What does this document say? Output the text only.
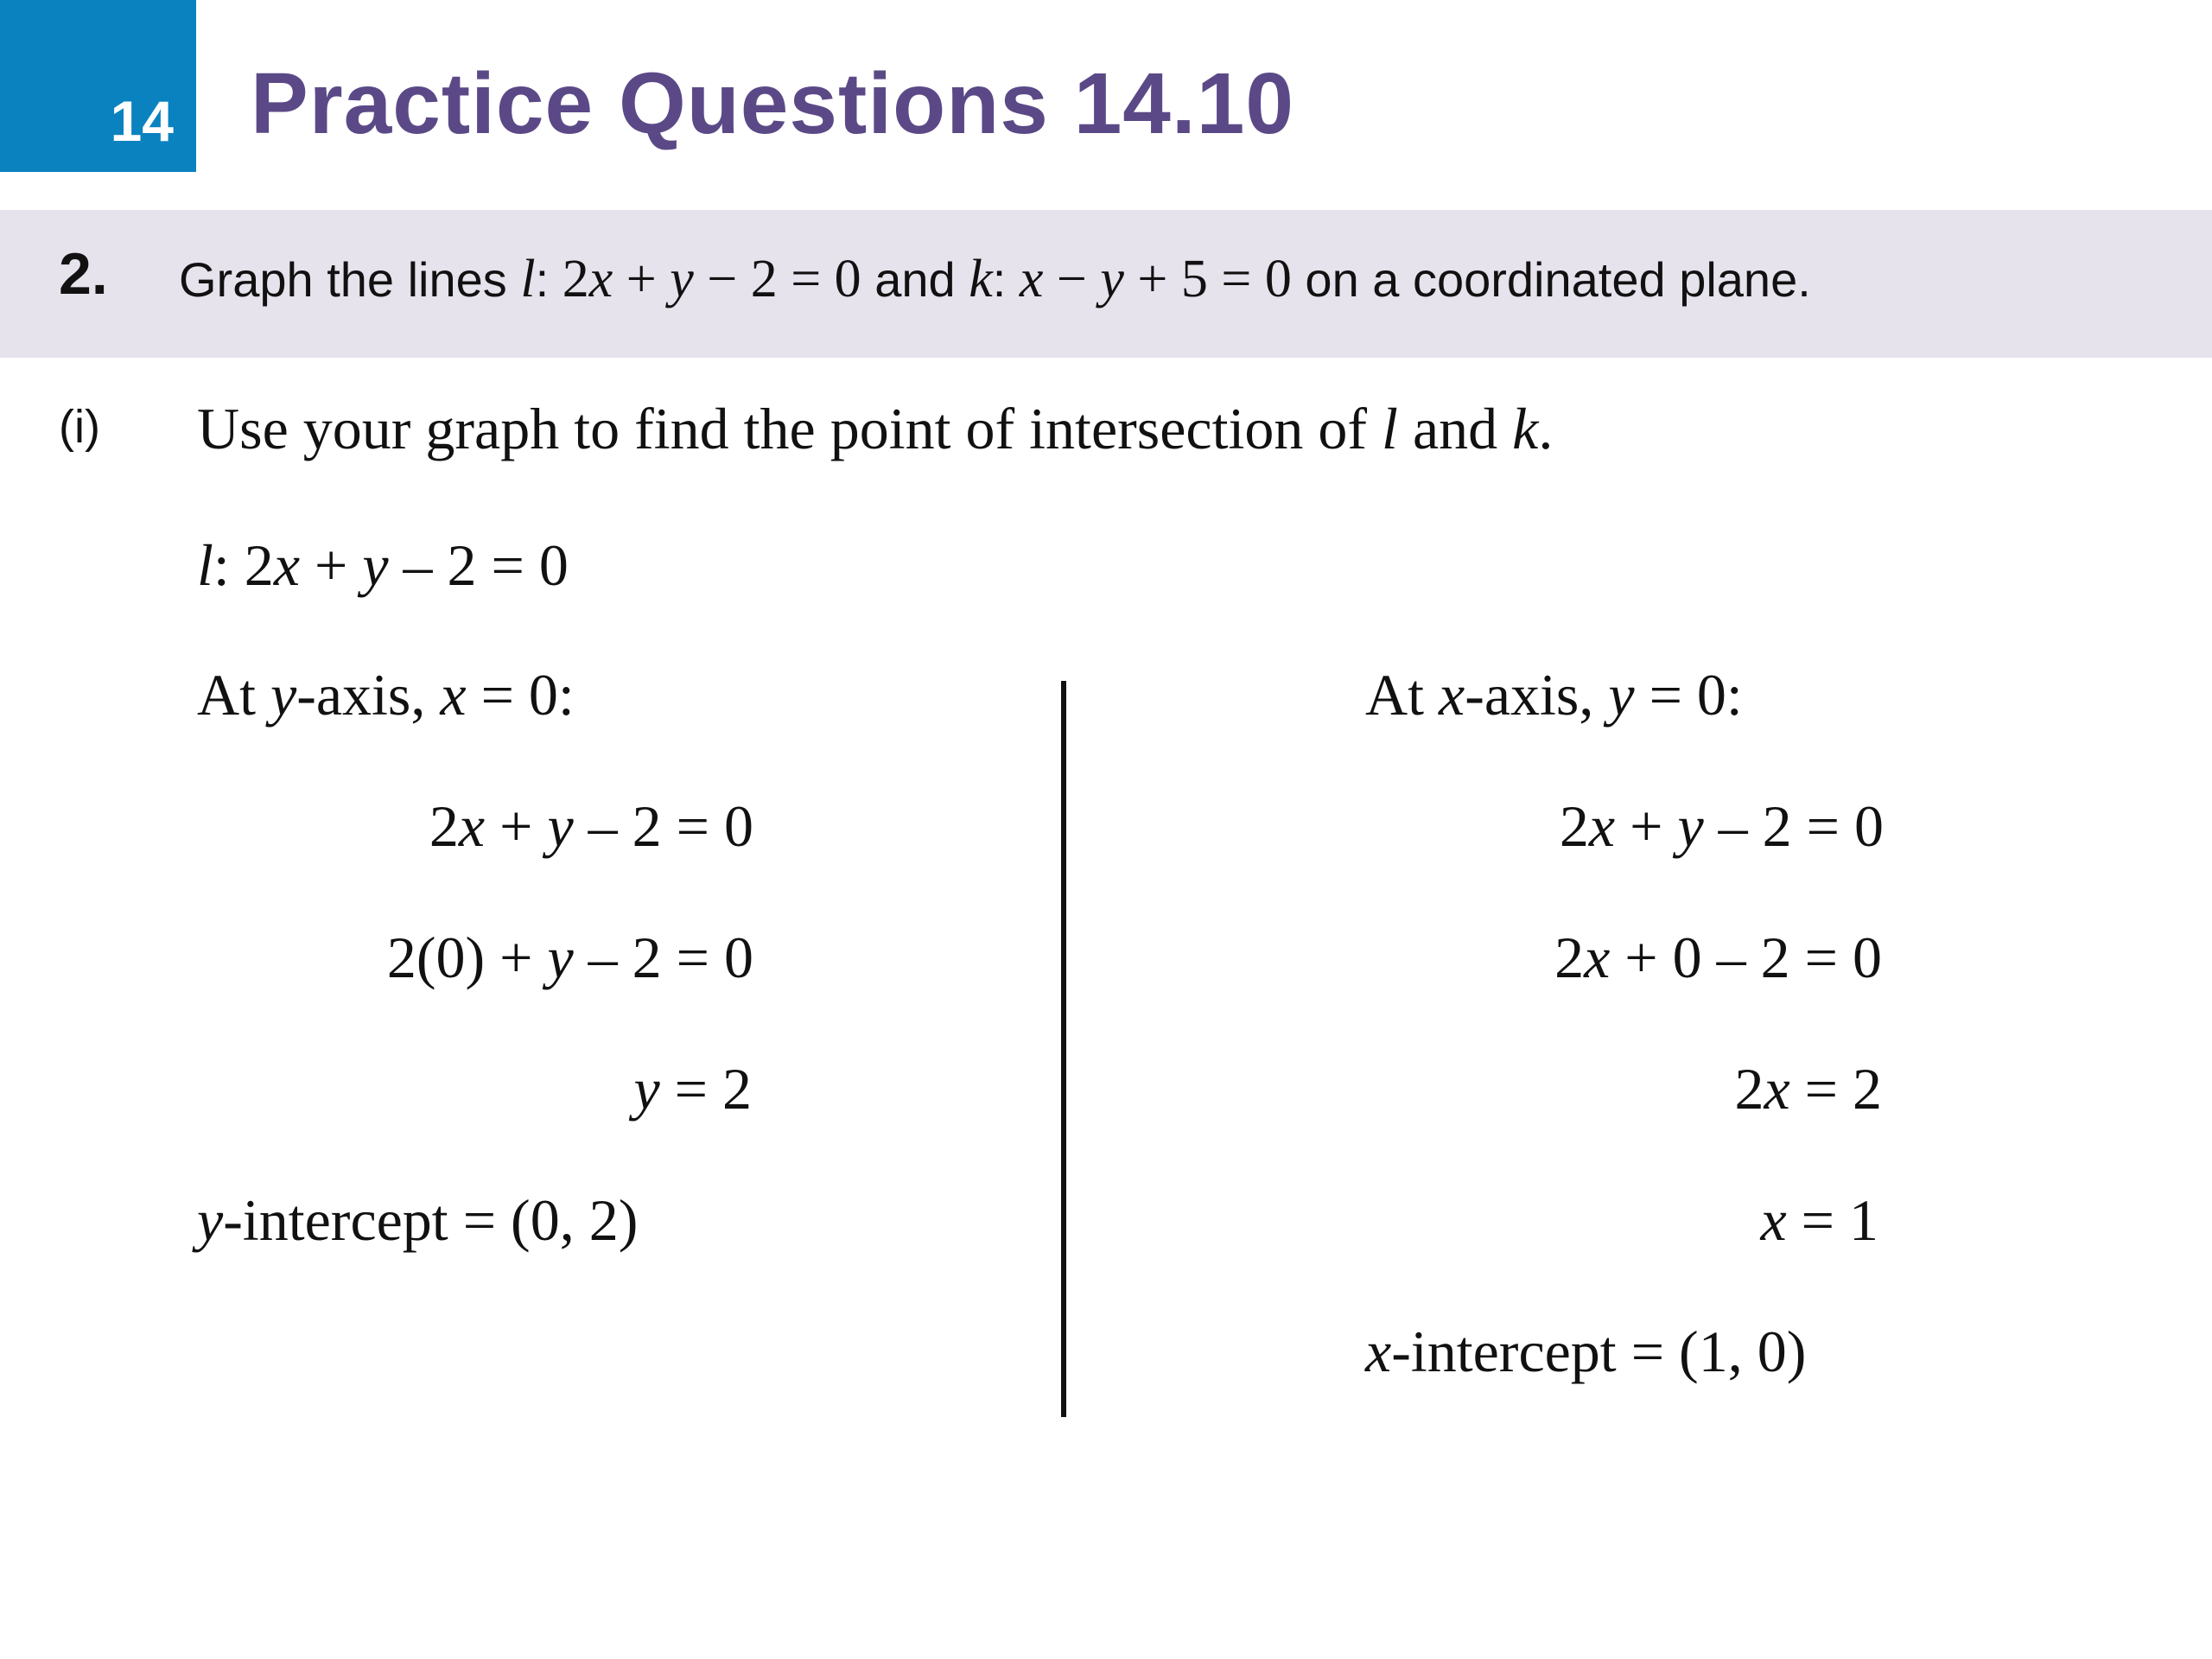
14 Practice Questions 14.10
2. Graph the lines l: 2x + y − 2 = 0 and k: x − y + 5 = 0 on a coordinated plane.
(i) Use your graph to find the point of intersection of l and k.
l: 2x + y – 2 = 0
At y-axis, x = 0:
2x + y – 2 = 0
2(0) + y – 2 = 0
y = 2
y-intercept = (0, 2)
At x-axis, y = 0:
2x + y – 2 = 0
2x + 0 – 2 = 0
2x = 2
x = 1
x-intercept = (1, 0)
